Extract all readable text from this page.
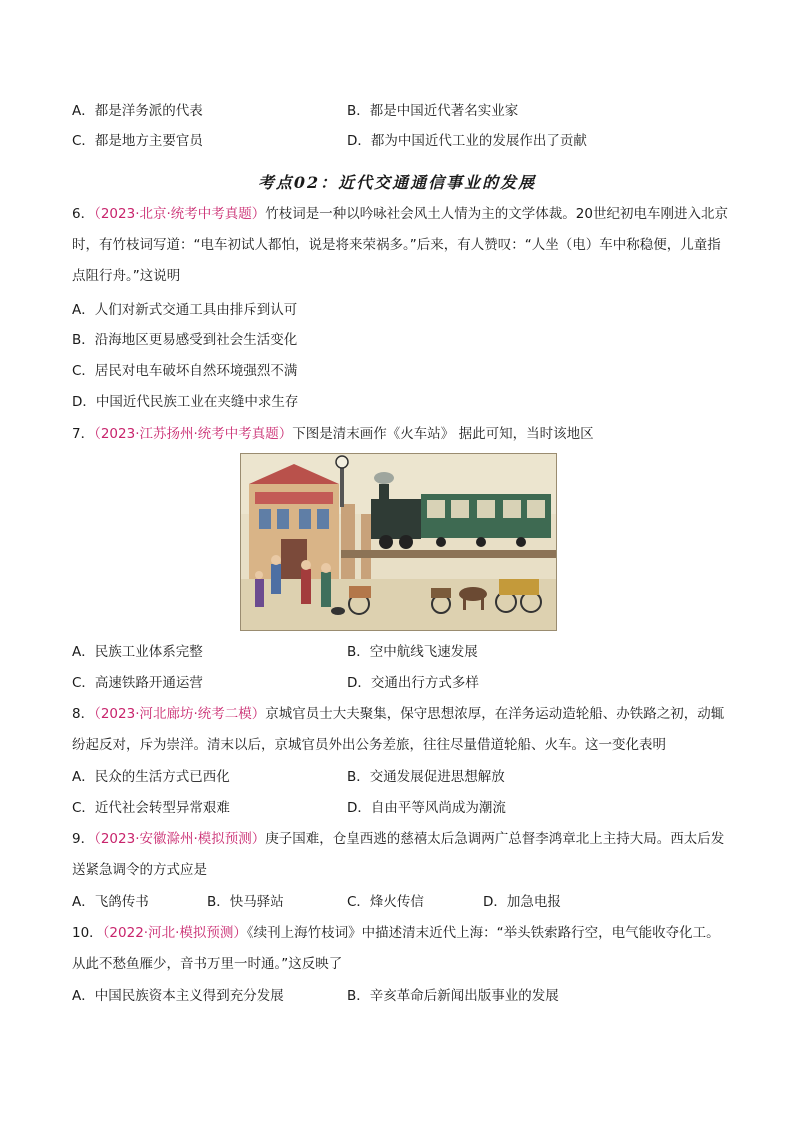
A．都是洋务派的代表	B．都是中国近代著名实业家
C．都是地方主要官员	D．都为中国近代工业的发展作出了贡献
考点02：近代交通通信事业的发展
6．（2023·北京·统考中考真题）竹枝词是一种以吟咏社会风土人情为主的文学体裁。20世纪初电车刚进入北京时，有竹枝词写道：“电车初试人都怕，说是将来荣祸多。”后来，有人赞叹：“人坐（电）车中称稳便，儿童指点阻行舟。”这说明
A．人们对新式交通工具由排斥到认可
B．沿海地区更易感受到社会生活变化
C．居民对电车破坏自然环境强烈不满
D．中国近代民族工业在夹缝中求生存
7．（2023·江苏扬州·统考中考真题）下图是清末画作《火车站》 据此可知，当时该地区
A．民族工业体系完整	B．空中航线飞速发展
C．高速铁路开通运营	D．交通出行方式多样
8．（2023·河北廊坊·统考二模）京城官员士大夫聚集，保守思想浓厚，在洋务运动造轮船、办铁路之初，动辄纷起反对，斥为崇洋。清末以后，京城官员外出公务差旅，往往尽量借道轮船、火车。这一变化表明
A．民众的生活方式已西化	B．交通发展促进思想解放
C．近代社会转型异常艰难	D．自由平等风尚成为潮流
9．（2023·安徽滁州·模拟预测）庚子国难，仓皇西逃的慈禧太后急调两广总督李鸿章北上主持大局。西太后发送紧急调令的方式应是
A．飞鸽传书	B．快马驿站	C．烽火传信	D．加急电报
10．（2022·河北·模拟预测）《续刊上海竹枝词》中描述清末近代上海：“举头铁索路行空，电气能收夺化工。从此不愁鱼雁少，音书万里一时通。”这反映了
A．中国民族资本主义得到充分发展	B．辛亥革命后新闻出版事业的发展
